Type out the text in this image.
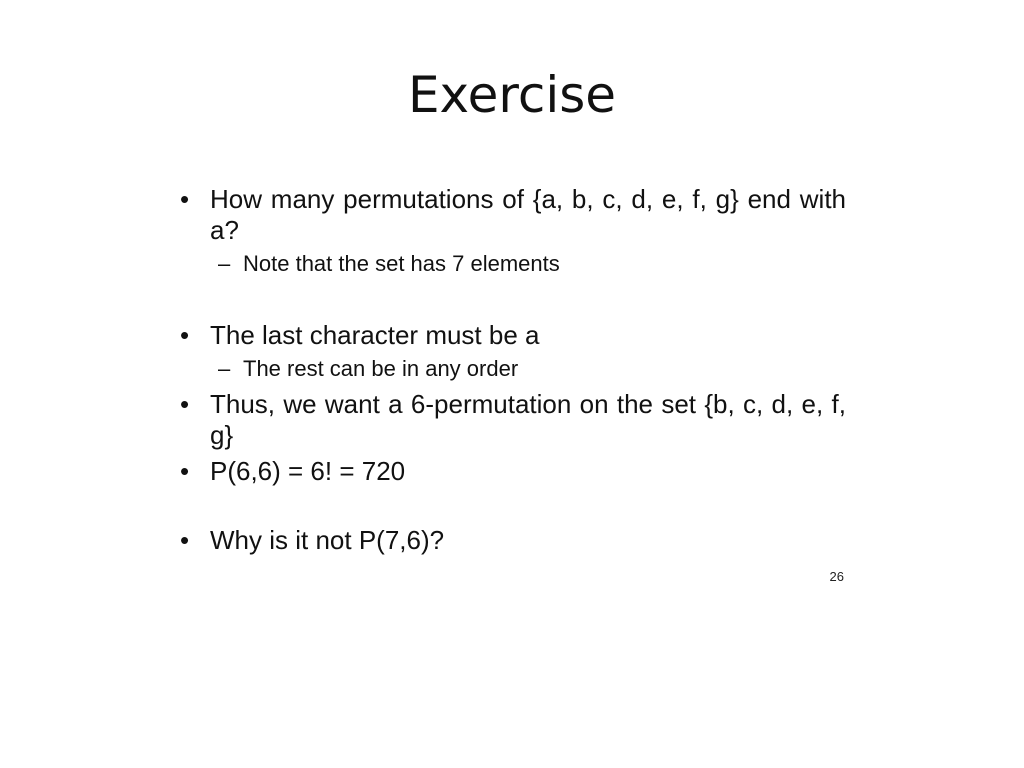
Exercise
• How many permutations of {a, b, c, d, e, f, g} end with a?
– Note that the set has 7 elements
• The last character must be a
– The rest can be in any order
• Thus, we want a 6-permutation on the set {b, c, d, e, f, g}
• P(6,6) = 6! = 720
• Why is it not P(7,6)?
26
